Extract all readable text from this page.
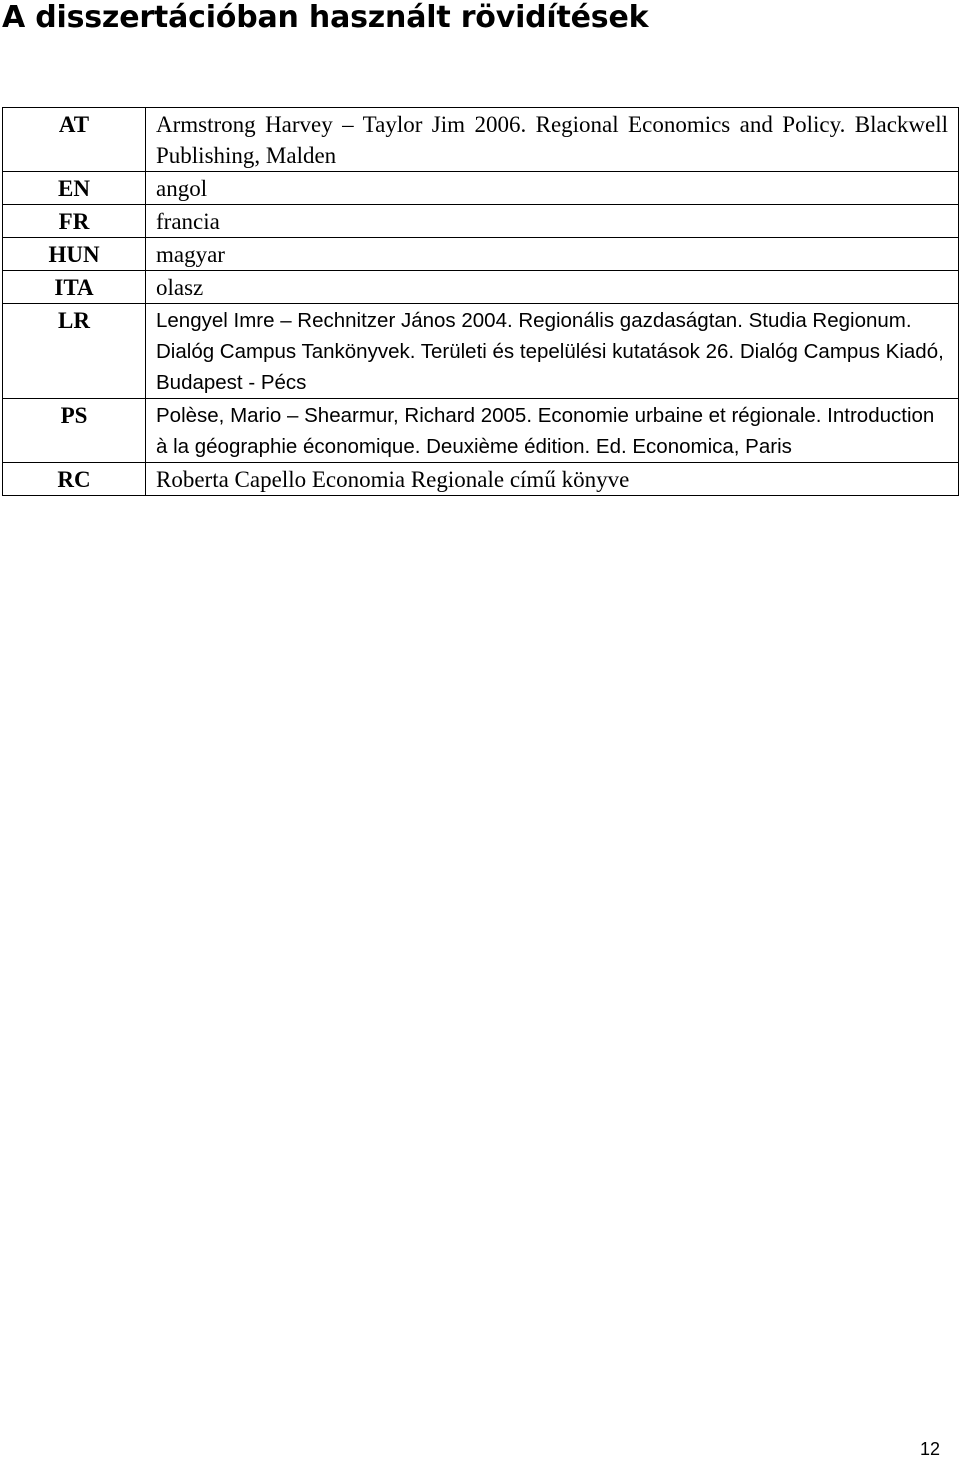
A disszertációban használt rövidítések
AT	Armstrong Harvey – Taylor Jim 2006. Regional Economics and Policy. Blackwell Publishing, Malden
EN	angol
FR	francia
HUN	magyar
ITA	olasz
LR	Lengyel Imre – Rechnitzer János 2004. Regionális gazdaságtan. Studia Regionum. Dialóg Campus Tankönyvek. Területi és tepelülési kutatások 26. Dialóg Campus Kiadó, Budapest - Pécs
PS	Polèse, Mario – Shearmur, Richard 2005. Economie urbaine et régionale. Introduction à la géographie économique. Deuxième édition. Ed. Economica, Paris
RC	Roberta Capello Economia Regionale című könyve
12
